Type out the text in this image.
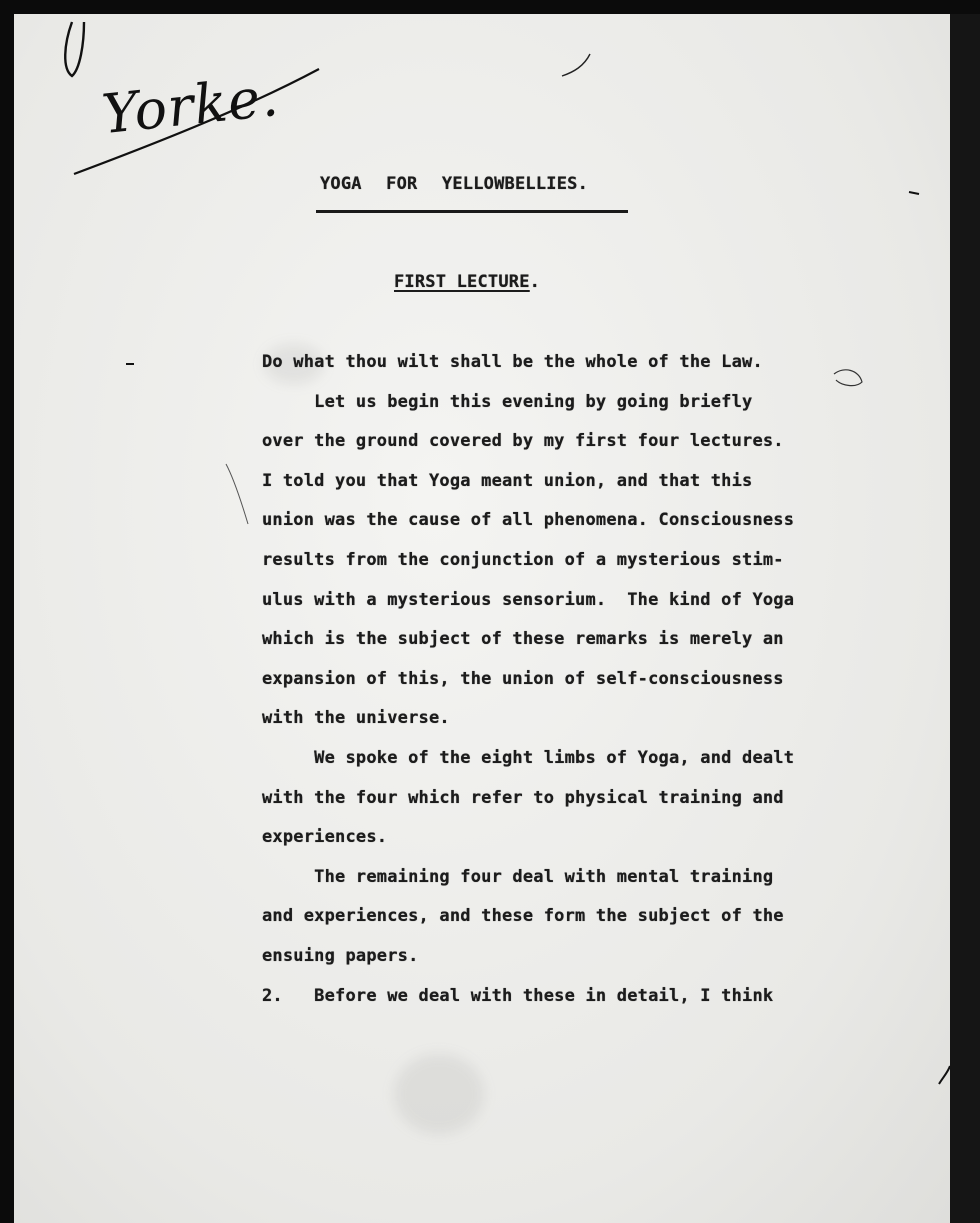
Yorke.
YOGA FOR YELLOWBELLIES.
FIRST LECTURE.
Do what thou wilt shall be the whole of the Law.
Let us begin this evening by going briefly
over the ground covered by my first four lectures.
I told you that Yoga meant union, and that this
union was the cause of all phenomena. Consciousness
results from the conjunction of a mysterious stim-
ulus with a mysterious sensorium.  The kind of Yoga
which is the subject of these remarks is merely an
expansion of this, the union of self-consciousness
with the universe.
We spoke of the eight limbs of Yoga, and dealt
with the four which refer to physical training and
experiences.
The remaining four deal with mental training
and experiences, and these form the subject of the
ensuing papers.
2.   Before we deal with these in detail, I think
